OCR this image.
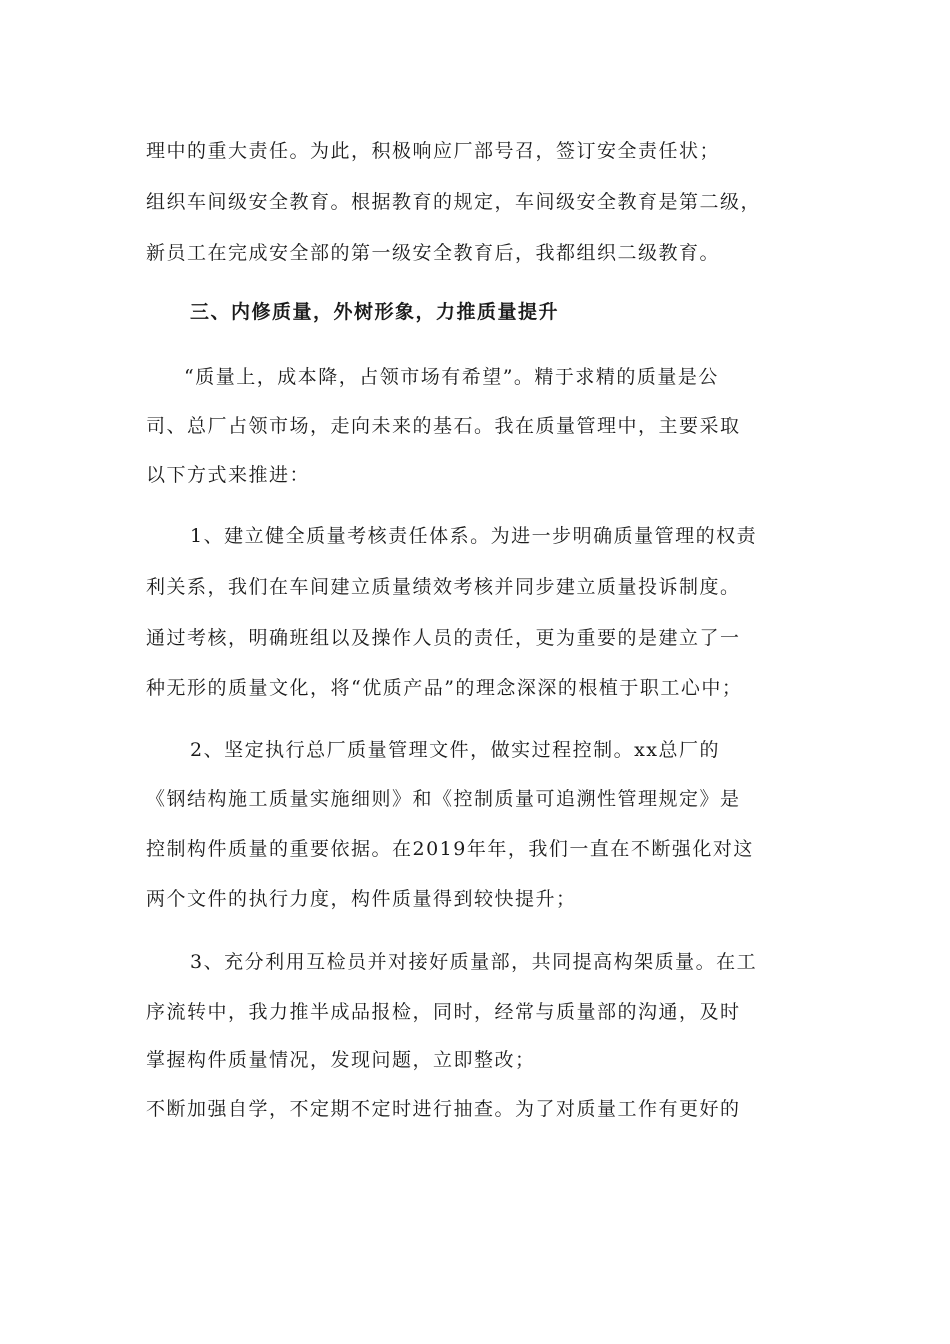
理中的重大责任。为此，积极响应厂部号召，签订安全责任状；
组织车间级安全教育。根据教育的规定，车间级安全教育是第二级，
新员工在完成安全部的第一级安全教育后，我都组织二级教育。
三、内修质量，外树形象，力推质量提升
“质量上，成本降，占领市场有希望”。精于求精的质量是公
司、总厂占领市场，走向未来的基石。我在质量管理中，主要采取
以下方式来推进：
1、建立健全质量考核责任体系。为进一步明确质量管理的权责
利关系，我们在车间建立质量绩效考核并同步建立质量投诉制度。
通过考核，明确班组以及操作人员的责任，更为重要的是建立了一
种无形的质量文化，将“优质产品”的理念深深的根植于职工心中；
2、坚定执行总厂质量管理文件，做实过程控制。xx总厂的
《钢结构施工质量实施细则》和《控制质量可追溯性管理规定》是
控制构件质量的重要依据。在2019年年，我们一直在不断强化对这
两个文件的执行力度，构件质量得到较快提升；
3、充分利用互检员并对接好质量部，共同提高构架质量。在工
序流转中，我力推半成品报检，同时，经常与质量部的沟通，及时
掌握构件质量情况，发现问题，立即整改；
不断加强自学，不定期不定时进行抽查。为了对质量工作有更好的
